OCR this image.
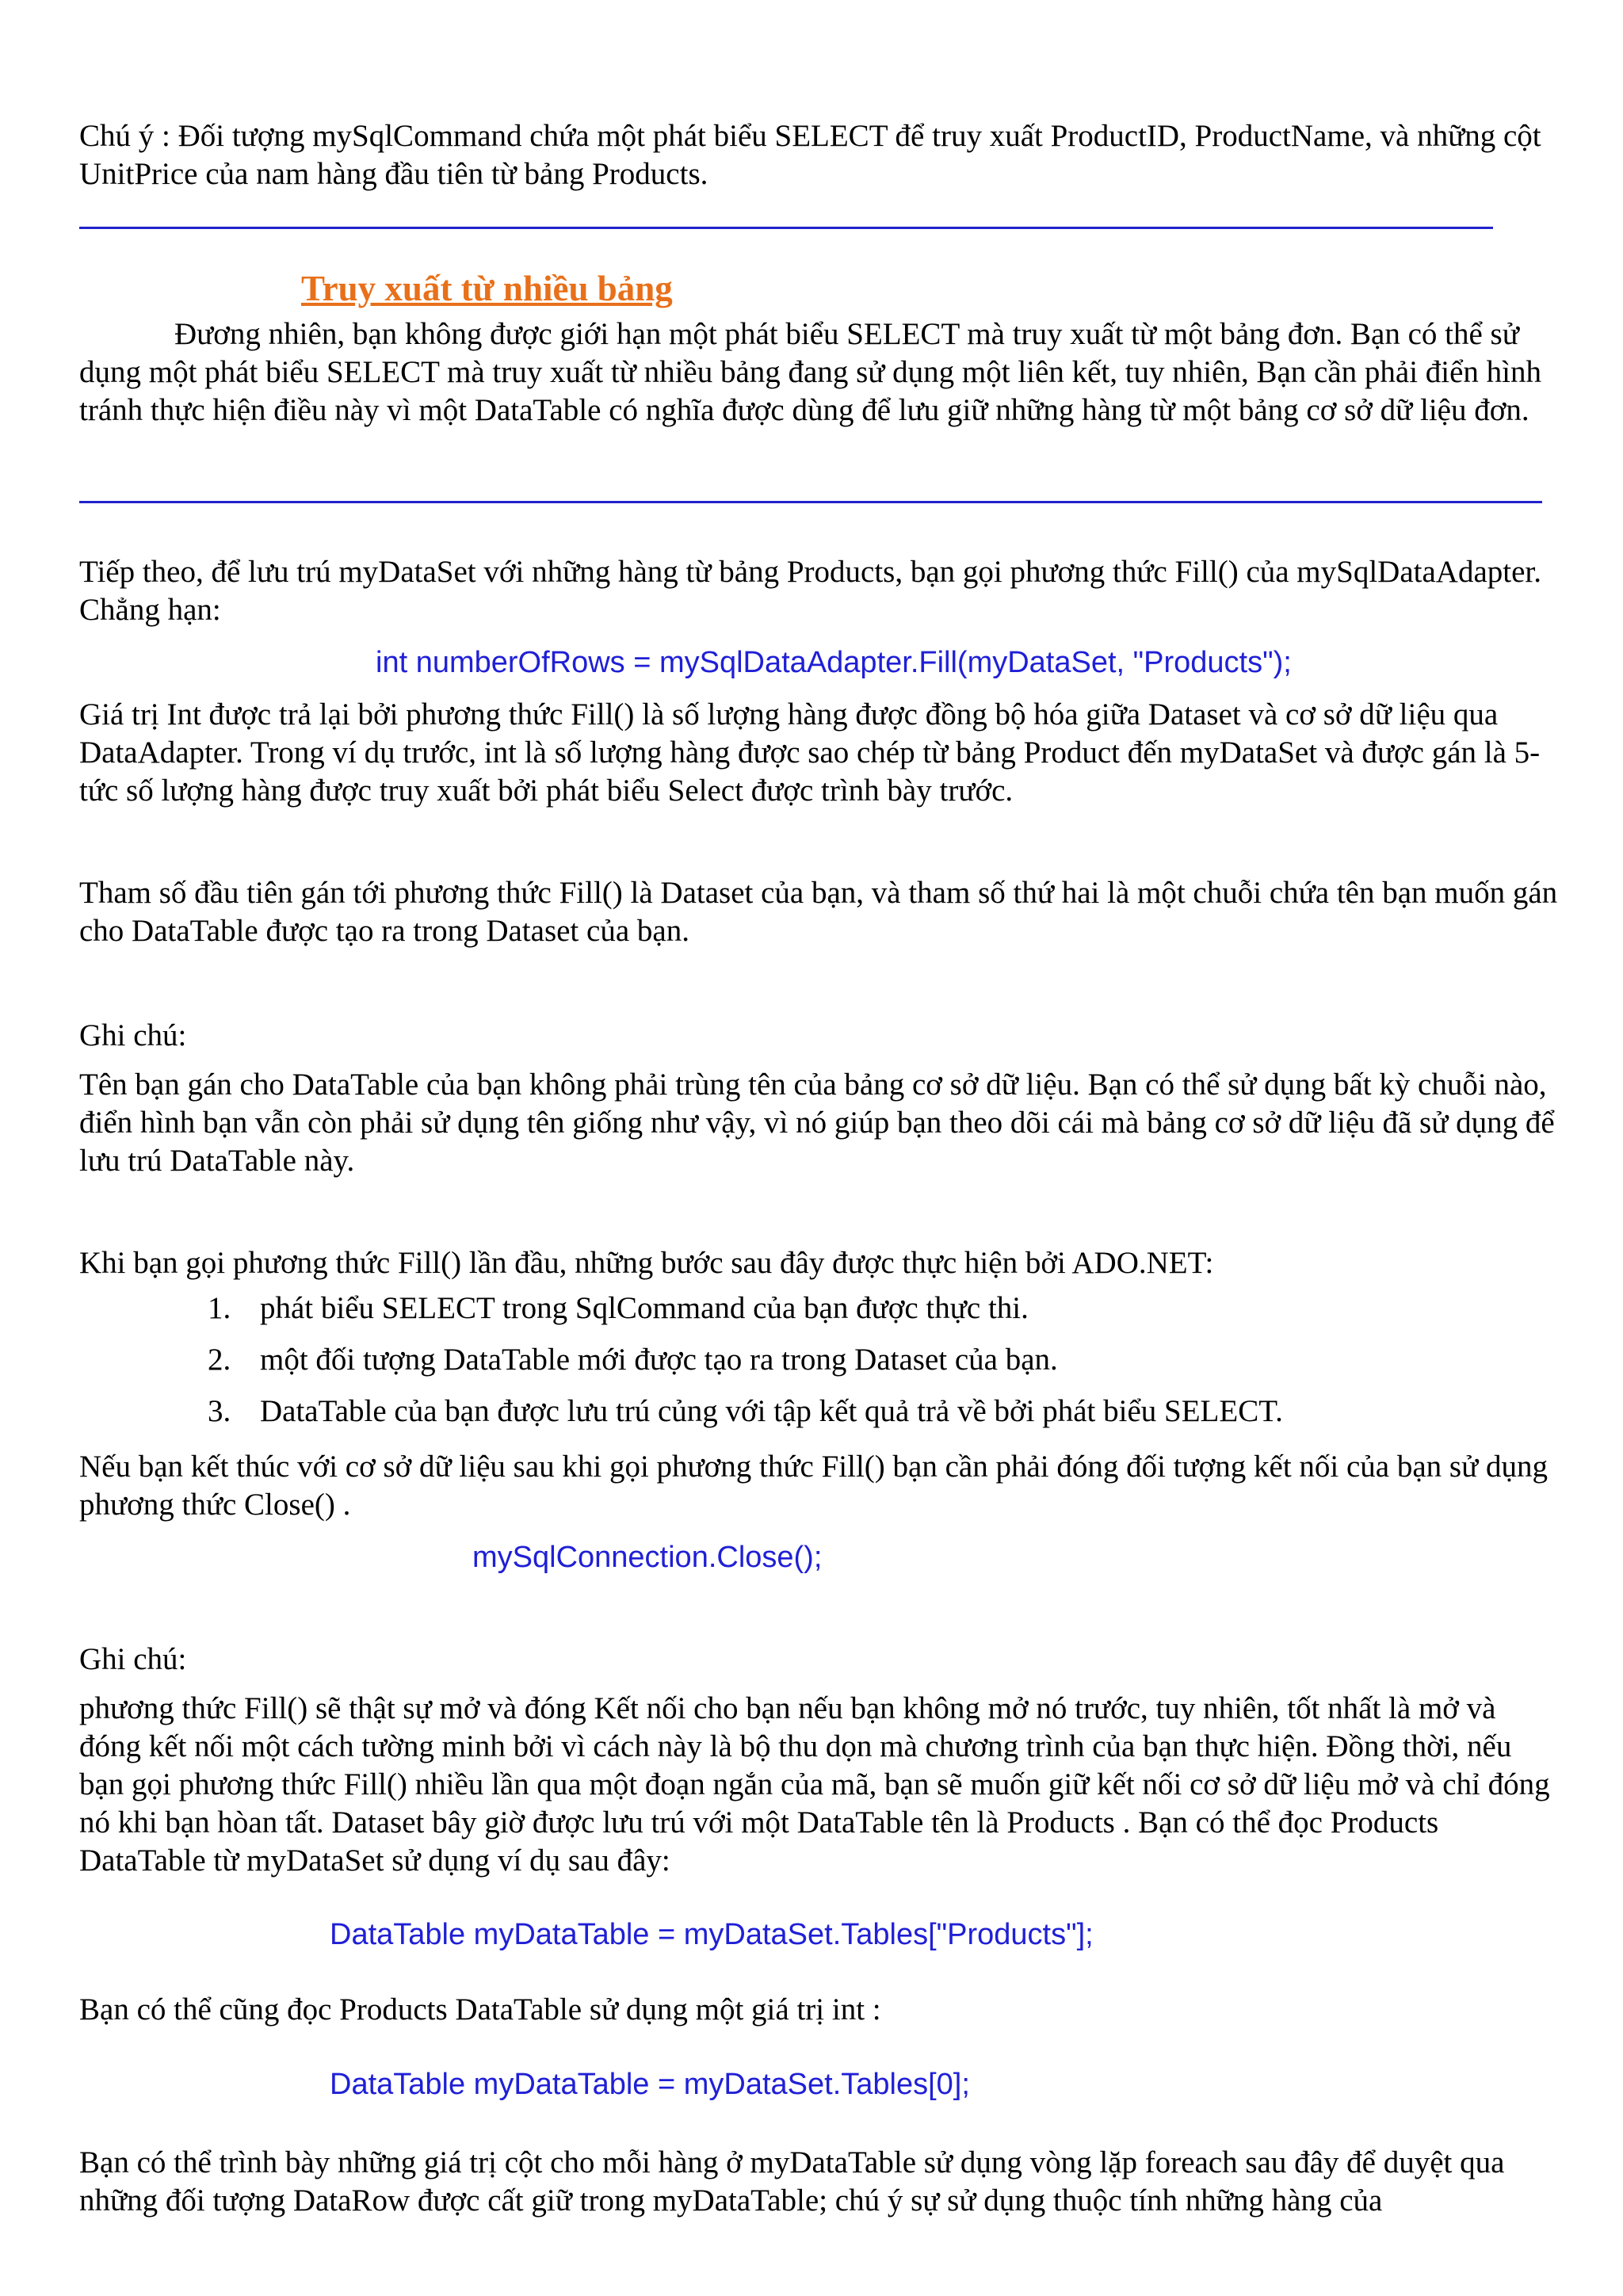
Chú ý : Đối tượng mySqlCommand chứa một phát biểu SELECT để truy xuất ProductID, ProductName, và những cột UnitPrice của nam hàng đầu tiên từ bảng Products.

Truy xuất từ nhiều bảng

Đương nhiên, bạn không được giới hạn một phát biểu SELECT mà truy xuất từ một bảng đơn. Bạn có thể sử dụng một phát biểu SELECT mà truy xuất từ nhiều bảng đang sử dụng một liên kết, tuy nhiên, Bạn cần phải điển hình tránh thực hiện điều này vì một DataTable có nghĩa được dùng để lưu giữ những hàng từ một bảng cơ sở dữ liệu đơn.

Tiếp theo, để lưu trú myDataSet với những hàng từ bảng Products, bạn gọi phương thức Fill() của mySqlDataAdapter. Chẳng hạn:

int numberOfRows = mySqlDataAdapter.Fill(myDataSet, "Products");

Giá trị Int được trả lại bởi phương thức Fill() là số lượng hàng được đồng bộ hóa giữa Dataset và cơ sở dữ liệu qua DataAdapter. Trong ví dụ trước, int là số lượng hàng được sao chép từ bảng Product đến myDataSet và được gán là 5- tức số lượng hàng được truy xuất bởi phát biểu Select được trình bày trước.

Tham số đầu tiên gán tới phương thức Fill() là Dataset của bạn, và tham số thứ hai là một chuỗi chứa tên bạn muốn gán cho DataTable được tạo ra trong Dataset của bạn.

Ghi chú:

Tên bạn gán cho DataTable của bạn không phải trùng tên của bảng cơ sở dữ liệu. Bạn có thể sử dụng bất kỳ chuỗi nào, điển hình bạn vẫn còn phải sử dụng tên giống như vậy, vì nó giúp bạn theo dõi cái mà bảng cơ sở dữ liệu đã sử dụng để lưu trú DataTable này.

Khi bạn gọi phương thức Fill() lần đầu, những bước sau đây được thực hiện bởi ADO.NET:

1. phát biểu SELECT trong SqlCommand của bạn được thực thi.
2. một đối tượng DataTable mới được tạo ra trong Dataset của bạn.
3. DataTable của bạn được lưu trú củng với tập kết quả trả về bởi phát biểu SELECT.

Nếu bạn kết thúc với cơ sở dữ liệu sau khi gọi phương thức Fill() bạn cần phải đóng đối tượng kết nối của bạn sử dụng phương thức Close() .

mySqlConnection.Close();

Ghi chú:

phương thức Fill() sẽ thật sự mở và đóng Kết nối cho bạn nếu bạn không mở nó trước, tuy nhiên, tốt nhất là mở và đóng kết nối một cách tường minh bởi vì cách này là bộ thu dọn mà chương trình của bạn thực hiện. Đồng thời, nếu bạn gọi phương thức Fill() nhiều lần qua một đoạn ngắn của mã, bạn sẽ muốn giữ kết nối cơ sở dữ liệu mở và chỉ đóng nó khi bạn hòan tất. Dataset bây giờ được lưu trú với một DataTable tên là Products . Bạn có thể đọc Products DataTable từ myDataSet sử dụng ví dụ sau đây:

DataTable myDataTable = myDataSet.Tables["Products"];

Bạn có thể cũng đọc Products DataTable sử dụng một giá trị int :

DataTable myDataTable = myDataSet.Tables[0];

Bạn có thể trình bày những giá trị cột cho mỗi hàng ở myDataTable sử dụng vòng lặp foreach sau đây để duyệt qua những đối tượng DataRow được cất giữ trong myDataTable; chú ý sự sử dụng thuộc tính những hàng của
